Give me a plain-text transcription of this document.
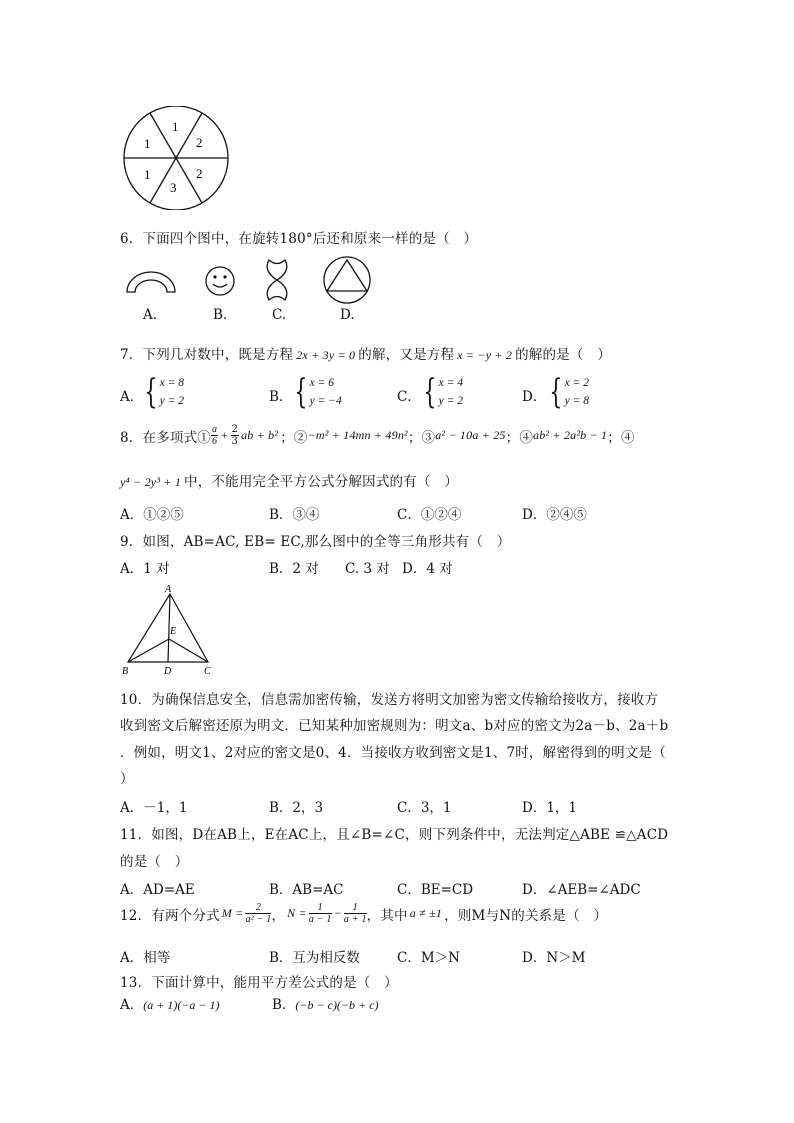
1
2
2
3
1
1
6．下面四个图中，在旋转180°后还和原来一样的是（　）
A.	B.	C.	D.
7．下列几对数中，既是方程 2x + 3y = 0 的解，又是方程 x = −y + 2 的解的是（　）
A． { x = 8
y = 2	B． { x = 6
y = −4	C． { x = 4
y = 2	D． { x = 2
y = 8
8．在多项式① $\frac{a}{6} + \frac{2}{3}$ ab + b² ；② −m² + 14mn + 49n² ；③ a² − 10a + 25 ；④ ab² + 2a²b − 1 ；④
y⁴ − 2y³ + 1 中，不能用完全平方公式分解因式的有（　）
A．①②⑤	B．③④	C．①②④	D．②④⑤
9．如图，AB=AC, EB= EC,那么图中的全等三角形共有（　）
A．1 对	B．2 对 C. 3 对 D．4 对
A
E
B	D	C
10．为确保信息安全，信息需加密传输，发送方将明文加密为密文传输给接收方，接收方
收到密文后解密还原为明文．已知某种加密规则为：明文a、b对应的密文为2a－b、2a＋b
．例如，明文1、2对应的密文是0、4．当接收方收到密文是1、7时，解密得到的明文是（
）
A．－1，1	B．2，3	C．3，1	D．1，1
11．如图，D在AB上，E在AC上，且∠B=∠C，则下列条件中，无法判定△ABE ≌△ACD
的是（　）
A．AD=AE	B．AB=AC	C．BE=CD	D．∠AEB=∠ADC
12．有两个分式 $M = \frac{2}{\text{a² − 1}}$ ， $N = \frac{1}{a - 1} - \frac{1}{a + 1}$ ，其中 a ≠ ±1 ，则M与N的关系是（　）
A．相等	B．互为相反数	C．M＞N	D．N＞M
13．下面计算中，能用平方差公式的是（　）
A．(a + 1)(−a − 1)	B．(−b − c)(−b + c)
